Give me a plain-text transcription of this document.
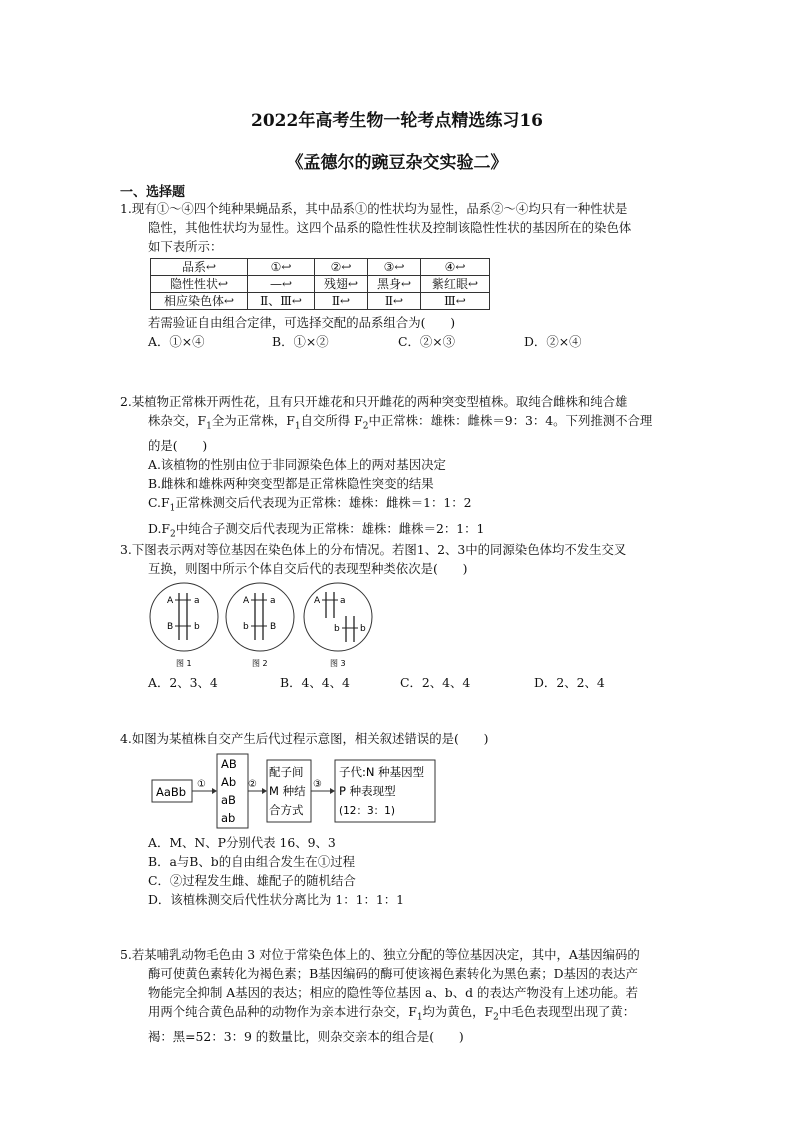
2022年高考生物一轮考点精选练习16
《孟德尔的豌豆杂交实验二》
一、选择题

1.现有①～④四个纯种果蝇品系，其中品系①的性状均为显性，品系②～④均只有一种性状是

隐性，其他性状均为显性。这四个品系的隐性性状及控制该隐性性状的基因所在的染色体

如下表所示：

品系↩	①↩	②↩	③↩	④↩
隐性性状↩	—↩	残翅↩	黑身↩	紫红眼↩
相应染色体↩	Ⅱ、Ⅲ↩	Ⅱ↩	Ⅱ↩	Ⅲ↩

若需验证自由组合定律，可选择交配的品系组合为(　　)

A．①×④	B．①×②	C．②×③	D．②×④

2.某植物正常株开两性花，且有只开雄花和只开雌花的两种突变型植株。取纯合雌株和纯合雄

株杂交，$F_1$全为正常株，$F_1$自交所得 $F_2$中正常株：雄株：雌株＝9：3：4。下列推测不合理

的是(　　)

A.该植物的性别由位于非同源染色体上的两对基因决定

B.雌株和雄株两种突变型都是正常株隐性突变的结果

$C.F_1$正常株测交后代表现为正常株：雄株：雌株＝1：1：2

$D.F_2$中纯合子测交后代表现为正常株：雄株：雌株＝2：1：1

3.下图表示两对等位基因在染色体上的分布情况。若图1、2、3中的同源染色体均不发生交叉

互换，则图中所示个体自交后代的表现型种类依次是(　　)

A a
B b
图 1
A a
b B
图 2
A a
b b
图 3
A．2、3、4	B．4、4、4	C．2、4、4	D．2、2、4

4.如图为某植株自交产生后代过程示意图，相关叙述错误的是(　　)

AaBb
①
AB
Ab
aB
ab
②
配子间
M 种结
合方式
③
子代:N 种基因型
P 种表现型
(12：3：1)

A．M、N、P分别代表 16、9、3

B．a与B、b的自由组合发生在①过程

C．②过程发生雌、雄配子的随机结合

D．该植株测交后代性状分离比为 1：1：1：1

5.若某哺乳动物毛色由 3 对位于常染色体上的、独立分配的等位基因决定，其中，A基因编码的

酶可使黄色素转化为褐色素；B基因编码的酶可使该褐色素转化为黑色素；D基因的表达产

物能完全抑制 A基因的表达；相应的隐性等位基因 a、b、d 的表达产物没有上述功能。若

用两个纯合黄色品种的动物作为亲本进行杂交，$F_1$均为黄色，$F_2$中毛色表现型出现了黄：

褐：黑=52：3：9 的数量比，则杂交亲本的组合是(　　)
